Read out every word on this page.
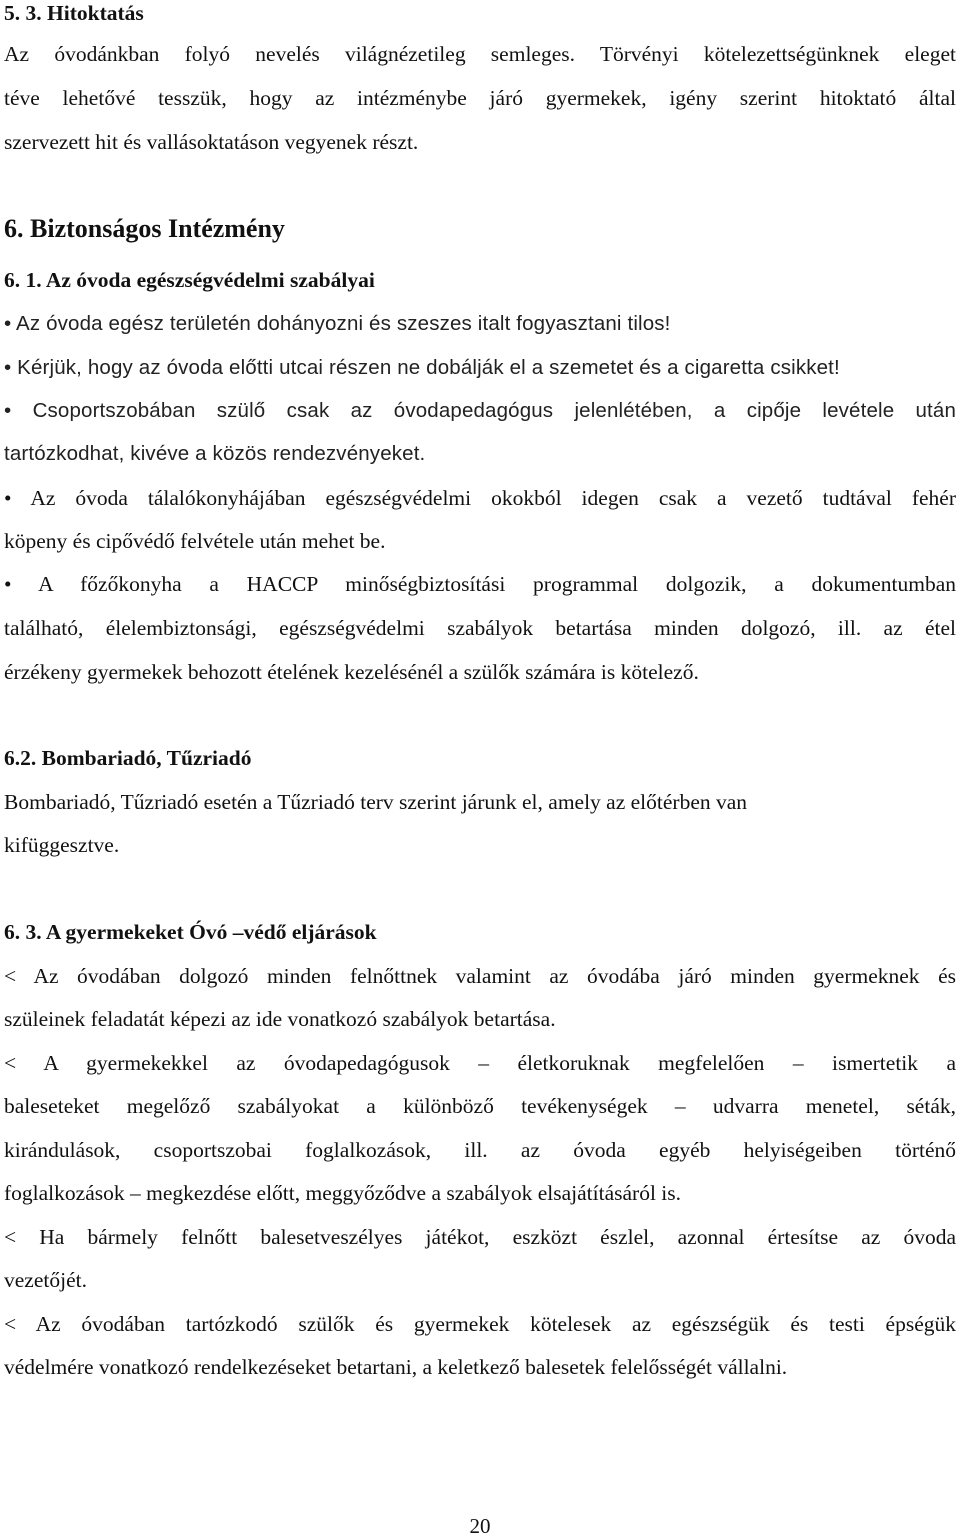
5. 3. Hitoktatás
Az óvodánkban folyó nevelés világnézetileg semleges. Törvényi kötelezettségünknek eleget
téve lehetővé tesszük, hogy az intézménybe járó gyermekek, igény szerint hitoktató által
szervezett hit és vallásoktatáson vegyenek részt.
6. Biztonságos Intézmény
6. 1. Az óvoda egészségvédelmi szabályai
• Az óvoda egész területén dohányozni és szeszes italt fogyasztani tilos!
• Kérjük, hogy az óvoda előtti utcai részen ne dobálják el a szemetet és a cigaretta csikket!
• Csoportszobában szülő csak az óvodapedagógus jelenlétében, a cipője levétele után
tartózkodhat, kivéve a közös rendezvényeket.
• Az óvoda tálalókonyhájában egészségvédelmi okokból idegen csak a vezető tudtával fehér
köpeny és cipővédő felvétele után mehet be.
• A főzőkonyha a HACCP minőségbiztosítási programmal dolgozik, a dokumentumban
található, élelembiztonsági, egészségvédelmi szabályok betartása minden dolgozó, ill. az étel
érzékeny gyermekek behozott ételének kezelésénél a szülők számára is kötelező.
6.2. Bombariadó, Tűzriadó
Bombariadó, Tűzriadó esetén a Tűzriadó terv szerint járunk el, amely az előtérben van
kifüggesztve.
6. 3. A gyermekeket Óvó –védő eljárások
< Az óvodában dolgozó minden felnőttnek valamint az óvodába járó minden gyermeknek és
szüleinek feladatát képezi az ide vonatkozó szabályok betartása.
< A gyermekekkel az óvodapedagógusok – életkoruknak megfelelően – ismertetik a
baleseteket megelőző szabályokat a különböző tevékenységek – udvarra menetel, séták,
kirándulások, csoportszobai foglalkozások, ill. az óvoda egyéb helyiségeiben történő
foglalkozások – megkezdése előtt, meggyőződve a szabályok elsajátításáról is.
< Ha bármely felnőtt balesetveszélyes játékot, eszközt észlel, azonnal értesítse az óvoda
vezetőjét.
< Az óvodában tartózkodó szülők és gyermekek kötelesek az egészségük és testi épségük
védelmére vonatkozó rendelkezéseket betartani, a keletkező balesetek felelősségét vállalni.
20
